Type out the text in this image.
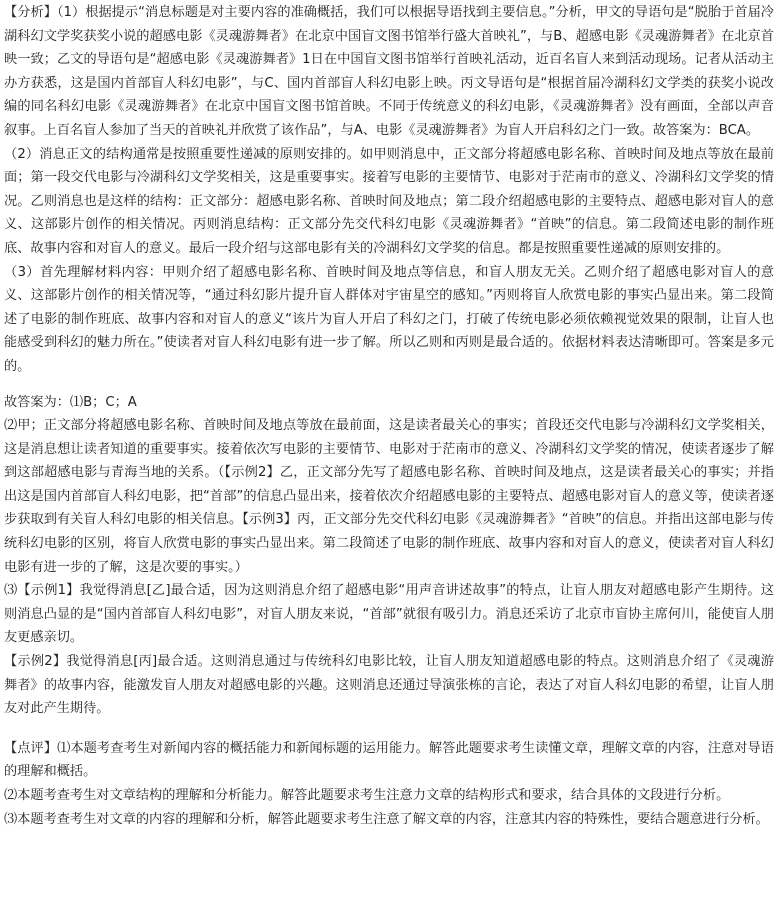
【分析】（1）根据提示“消息标题是对主要内容的准确概括，我们可以根据导语找到主要信息。”分析，甲文的导语句是“脱胎于首届冷湖科幻文学奖获奖小说的超感电影《灵魂游舞者》在北京中国盲文图书馆举行盛大首映礼”，与B、超感电影《灵魂游舞者》在北京首映一致；乙文的导语句是“超感电影《灵魂游舞者》1日在中国盲文图书馆举行首映礼活动，近百名盲人来到活动现场。记者从活动主办方获悉，这是国内首部盲人科幻电影”，与C、国内首部盲人科幻电影上映。丙文导语句是“根据首届冷湖科幻文学类的获奖小说改编的同名科幻电影《灵魂游舞者》在北京中国盲文图书馆首映。不同于传统意义的科幻电影，《灵魂游舞者》没有画面，全部以声音叙事。上百名盲人参加了当天的首映礼并欣赏了该作品”，与A、电影《灵魂游舞者》为盲人开启科幻之门一致。故答案为：BCA。

（2）消息正文的结构通常是按照重要性递减的原则安排的。如甲则消息中，正文部分将超感电影名称、首映时间及地点等放在最前面；第一段交代电影与冷湖科幻文学奖相关，这是重要事实。接着写电影的主要情节、电影对于茫南市的意义、冷湖科幻文学奖的情况。乙则消息也是这样的结构：正文部分：超感电影名称、首映时间及地点；第二段介绍超感电影的主要特点、超感电影对盲人的意义、这部影片创作的相关情况。丙则消息结构：正文部分先交代科幻电影《灵魂游舞者》“首映”的信息。第二段简述电影的制作班底、故事内容和对盲人的意义。最后一段介绍与这部电影有关的冷湖科幻文学奖的信息。都是按照重要性递减的原则安排的。

（3）首先理解材料内容：甲则介绍了超感电影名称、首映时间及地点等信息，和盲人朋友无关。乙则介绍了超感电影对盲人的意义、这部影片创作的相关情况等，“通过科幻影片提升盲人群体对宇宙星空的感知。”丙则将盲人欣赏电影的事实凸显出来。第二段简述了电影的制作班底、故事内容和对盲人的意义“该片为盲人开启了科幻之门，打破了传统电影必须依赖视觉效果的限制，让盲人也能感受到科幻的魅力所在。”使读者对盲人科幻电影有进一步了解。所以乙则和丙则是最合适的。依据材料表达清晰即可。答案是多元的。

故答案为：⑴B；C；A

⑵甲；正文部分将超感电影名称、首映时间及地点等放在最前面，这是读者最关心的事实；首段还交代电影与冷湖科幻文学奖相关，这是消息想让读者知道的重要事实。接着依次写电影的主要情节、电影对于茫南市的意义、冷湖科幻文学奖的情况，使读者逐步了解到这部超感电影与青海当地的关系。（【示例2】乙，正文部分先写了超感电影名称、首映时间及地点，这是读者最关心的事实；并指出这是国内首部盲人科幻电影，把“首部”的信息凸显出来，接着依次介绍超感电影的主要特点、超感电影对盲人的意义等，使读者逐步获取到有关盲人科幻电影的相关信息。【示例3】丙，正文部分先交代科幻电影《灵魂游舞者》“首映”的信息。并指出这部电影与传统科幻电影的区别，将盲人欣赏电影的事实凸显出来。第二段简述了电影的制作班底、故事内容和对盲人的意义，使读者对盲人科幻电影有进一步的了解，这是次要的事实。）

⑶【示例1】我觉得消息[乙]最合适，因为这则消息介绍了超感电影“用声音讲述故事”的特点，让盲人朋友对超感电影产生期待。这则消息凸显的是“国内首部盲人科幻电影”，对盲人朋友来说，“首部”就很有吸引力。消息还采访了北京市盲协主席何川，能使盲人朋友更感亲切。

【示例2】我觉得消息[丙]最合适。这则消息通过与传统科幻电影比较，让盲人朋友知道超感电影的特点。这则消息介绍了《灵魂游舞者》的故事内容，能激发盲人朋友对超感电影的兴趣。这则消息还通过导演张栋的言论，表达了对盲人科幻电影的希望，让盲人朋友对此产生期待。

【点评】⑴本题考查考生对新闻内容的概括能力和新闻标题的运用能力。解答此题要求考生读懂文章，理解文章的内容，注意对导语的理解和概括。

⑵本题考查考生对文章结构的理解和分析能力。解答此题要求考生注意力文章的结构形式和要求，结合具体的文段进行分析。

⑶本题考查考生对文章的内容的理解和分析，解答此题要求考生注意了解文章的内容，注意其内容的特殊性，要结合题意进行分析。
